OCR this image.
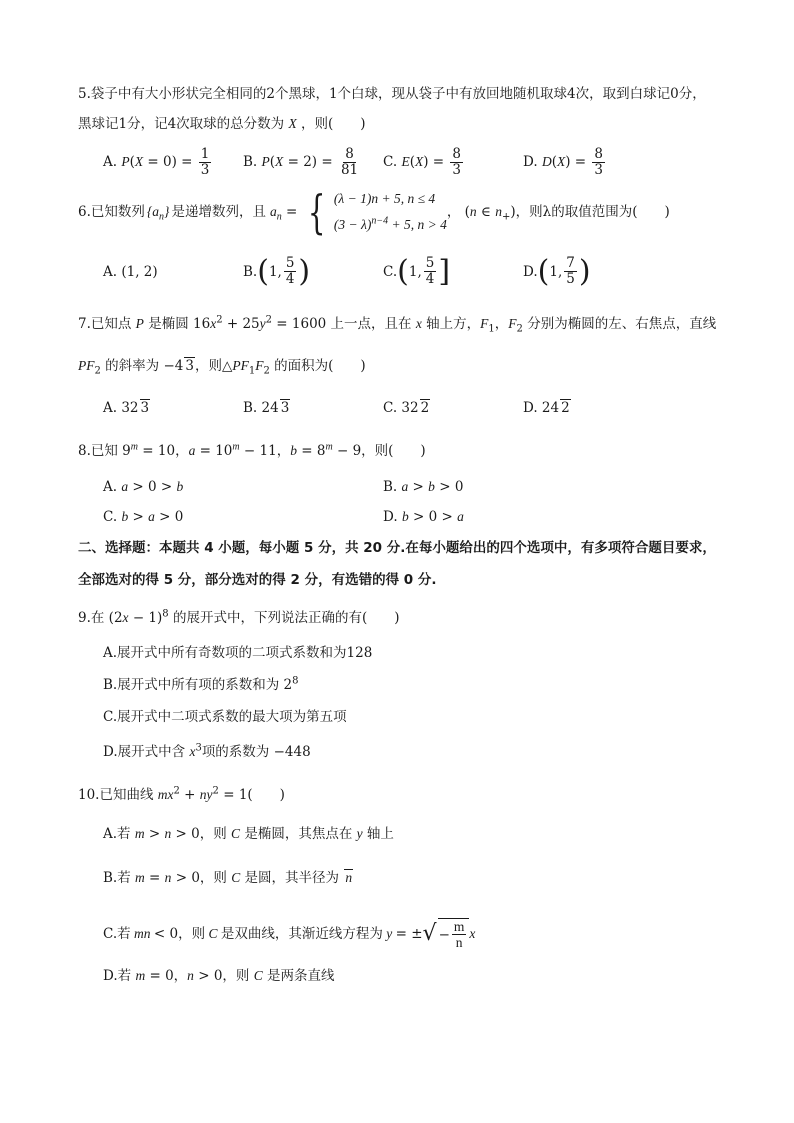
5.袋子中有大小形状完全相同的2个黑球，1个白球，现从袋子中有放回地随机取球4次，取到白球记0分，
黑球记1分，记4次取球的总分数为 X ，则(　　)
A. $P(X = 0) = \frac{1}{3} B$. $P(X = 2) = \frac{8}{81} C$. $E(X) = \frac{8}{3}$	D. $D(X) = \frac{8}{3}$
6.已知数列 $\{a_n\}$ 是递增数列，且 $a_n$ = { (λ − 1)n + 5, n ≤ 4
$(3 - \lambda)^{n-4} + 5$, n > 4
， (n ∈ $n_+$) ，则λ的取值范围为(　　)
A. (1, 2)	B. ( 1, $\frac{5}{4}$ )	C. ( 1, $\frac{5}{4}$ ]	D. ( 1, $\frac{7}{5}$ )
7.已知点 P 是椭圆 $16x^2 + 25y^2 = 1600$ 上一点，且在 x 轴上方，$F_1$，$F_2$ 分别为椭圆的左、右焦点，直线
$PF_2$ 的斜率为 −4 3，则$\triangle PF_1F_2$ 的面积为(　　)
A. 32 3	B. 24 3	C. 32 2	D. 24 2
8.已知 $9^m = 10$，$a = 10^m - 11$，$b = 8^m - 9$，则(　　)
A. a > 0 > b	B. a > b > 0
C. b > a > 0	D. b > 0 > a
二、选择题：本题共 4 小题，每小题 5 分，共 20 分.在每小题给出的四个选项中，有多项符合题目要求，
全部选对的得 5 分，部分选对的得 2 分，有选错的得 0 分.
9.在 $(2x - 1)^8$ 的展开式中，下列说法正确的有(　　)
A.展开式中所有奇数项的二项式系数和为128
B.展开式中所有项的系数和为 $2^8$
C.展开式中二项式系数的最大项为第五项
D.展开式中含 $x^3$项的系数为 −448
10.已知曲线 $mx^2 + ny^2 = 1$(　　)
A.若 m > n > 0，则 C 是椭圆，其焦点在 y 轴上
B.若 m = n > 0，则 C 是圆，其半径为 n
C.若 mn < 0，则 C 是双曲线，其渐近线方程为 y = ± √ − $\frac{m}{n}$ x
D.若 m = 0，n > 0，则 C 是两条直线
